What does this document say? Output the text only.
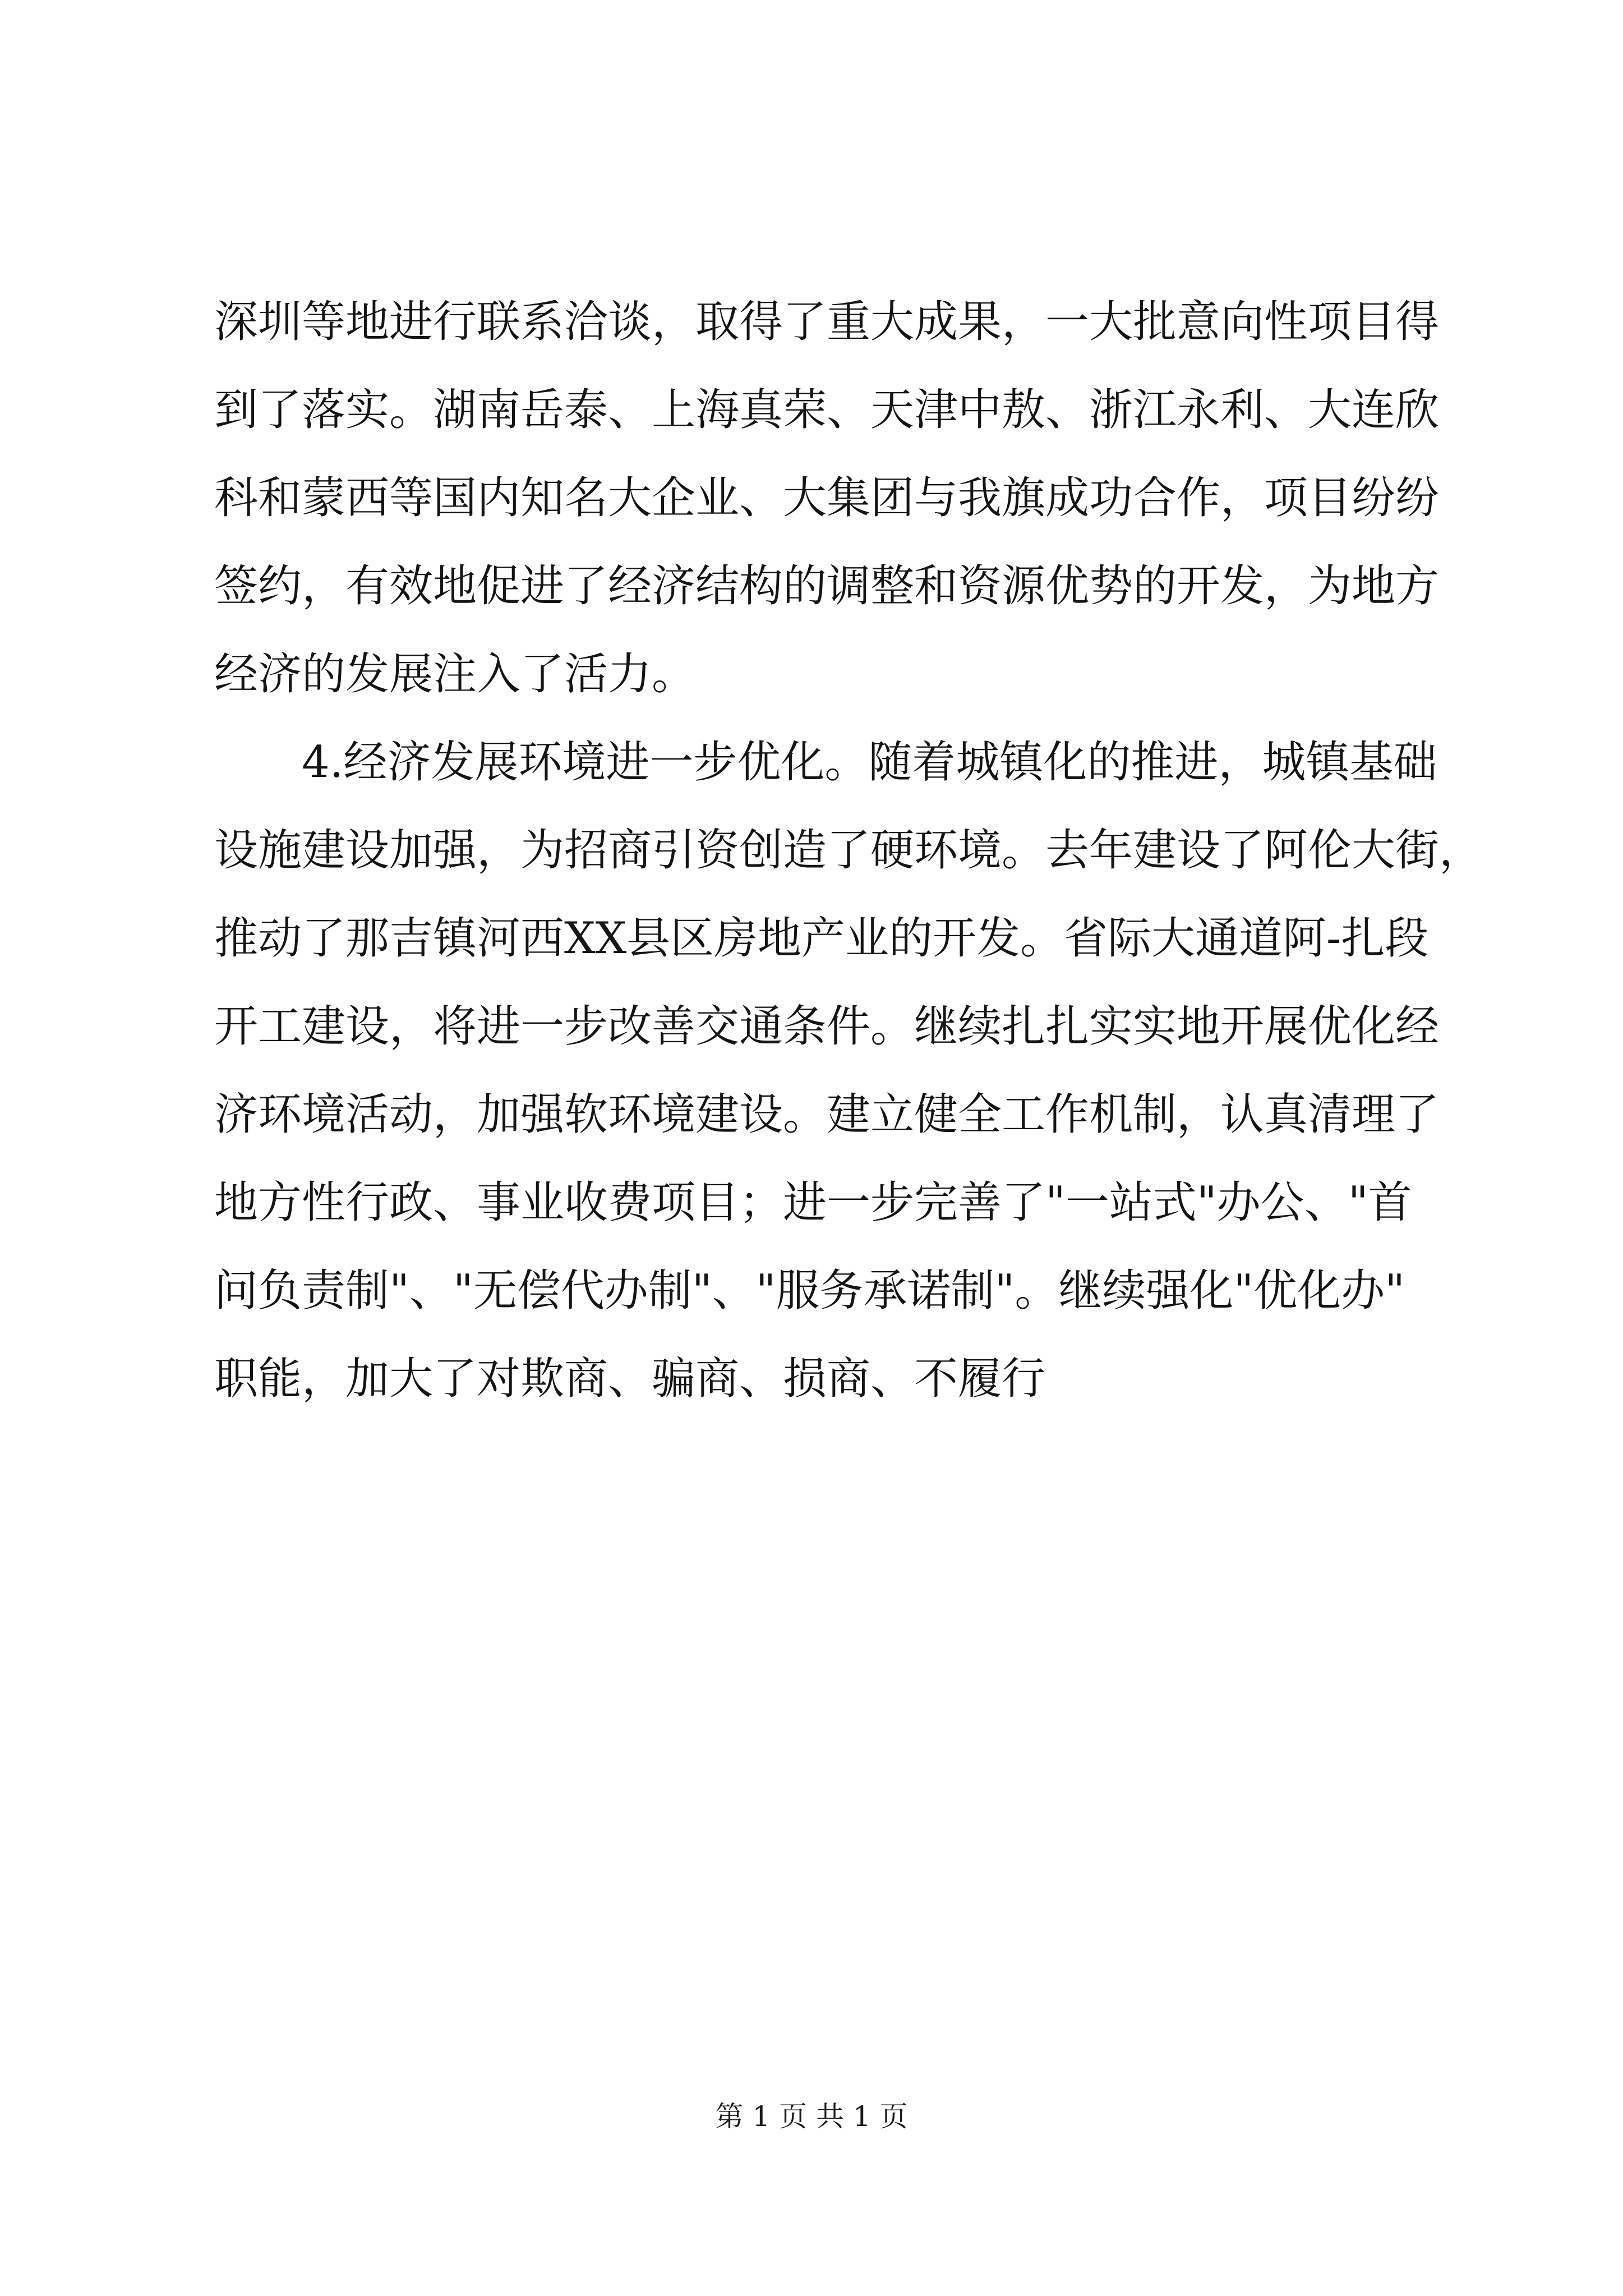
深圳等地进行联系洽谈，取得了重大成果，一大批意向性项目得
到了落实。湖南岳泰、上海真荣、天津中敖、浙江永利、大连欣
科和蒙西等国内知名大企业、大集团与我旗成功合作，项目纷纷
签约，有效地促进了经济结构的调整和资源优势的开发，为地方
经济的发展注入了活力。
4.经济发展环境进一步优化。随着城镇化的推进，城镇基础
设施建设加强，为招商引资创造了硬环境。去年建设了阿伦大街，
推动了那吉镇河西XX县区房地产业的开发。省际大通道阿-扎段
开工建设，将进一步改善交通条件。继续扎扎实实地开展优化经
济环境活动，加强软环境建设。建立健全工作机制，认真清理了
地方性行政、事业收费项目；进一步完善了"一站式"办公、"首
问负责制"、"无偿代办制"、"服务承诺制"。继续强化"优化办"
职能，加大了对欺商、骗商、损商、不履行
第 1 页 共 1 页
